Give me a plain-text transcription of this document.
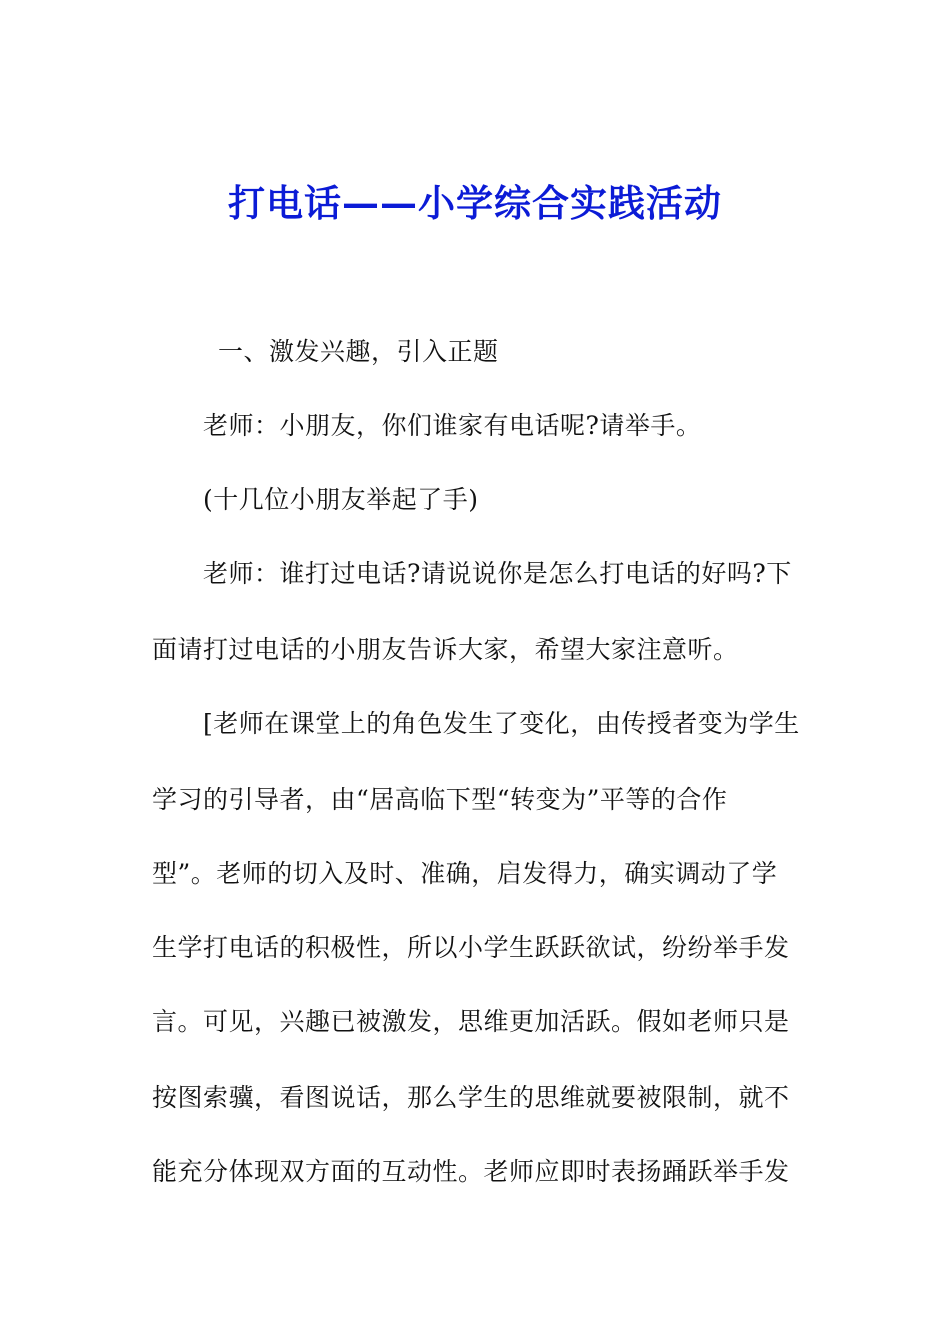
打电话——小学综合实践活动
一、激发兴趣，引入正题
老师：小朋友，你们谁家有电话呢?请举手。
(十几位小朋友举起了手)
老师：谁打过电话?请说说你是怎么打电话的好吗?下
面请打过电话的小朋友告诉大家，希望大家注意听。
[老师在课堂上的角色发生了变化，由传授者变为学生
学习的引导者，由“居高临下型“转变为”平等的合作
型”。老师的切入及时、准确，启发得力，确实调动了学
生学打电话的积极性，所以小学生跃跃欲试，纷纷举手发
言。可见，兴趣已被激发，思维更加活跃。假如老师只是
按图索骥，看图说话，那么学生的思维就要被限制，就不
能充分体现双方面的互动性。老师应即时表扬踊跃举手发
